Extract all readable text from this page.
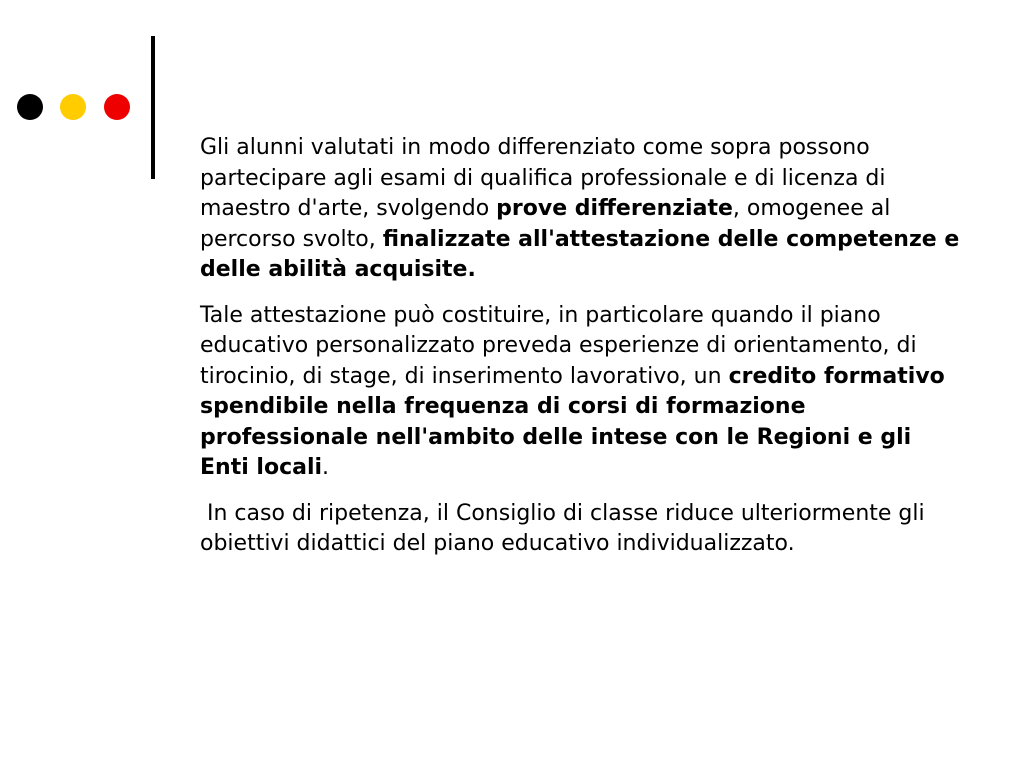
Gli alunni valutati in modo differenziato come sopra possono partecipare agli esami di qualifica professionale e di licenza di maestro d'arte, svolgendo prove differenziate, omogenee al percorso svolto, finalizzate all'attestazione delle competenze e delle abilità acquisite.

Tale attestazione può costituire, in particolare quando il piano educativo personalizzato preveda esperienze di orientamento, di tirocinio, di stage, di inserimento lavorativo, un credito formativo spendibile nella frequenza di corsi di formazione professionale nell'ambito delle intese con le Regioni e gli Enti locali.

In caso di ripetenza, il Consiglio di classe riduce ulteriormente gli obiettivi didattici del piano educativo individualizzato.
